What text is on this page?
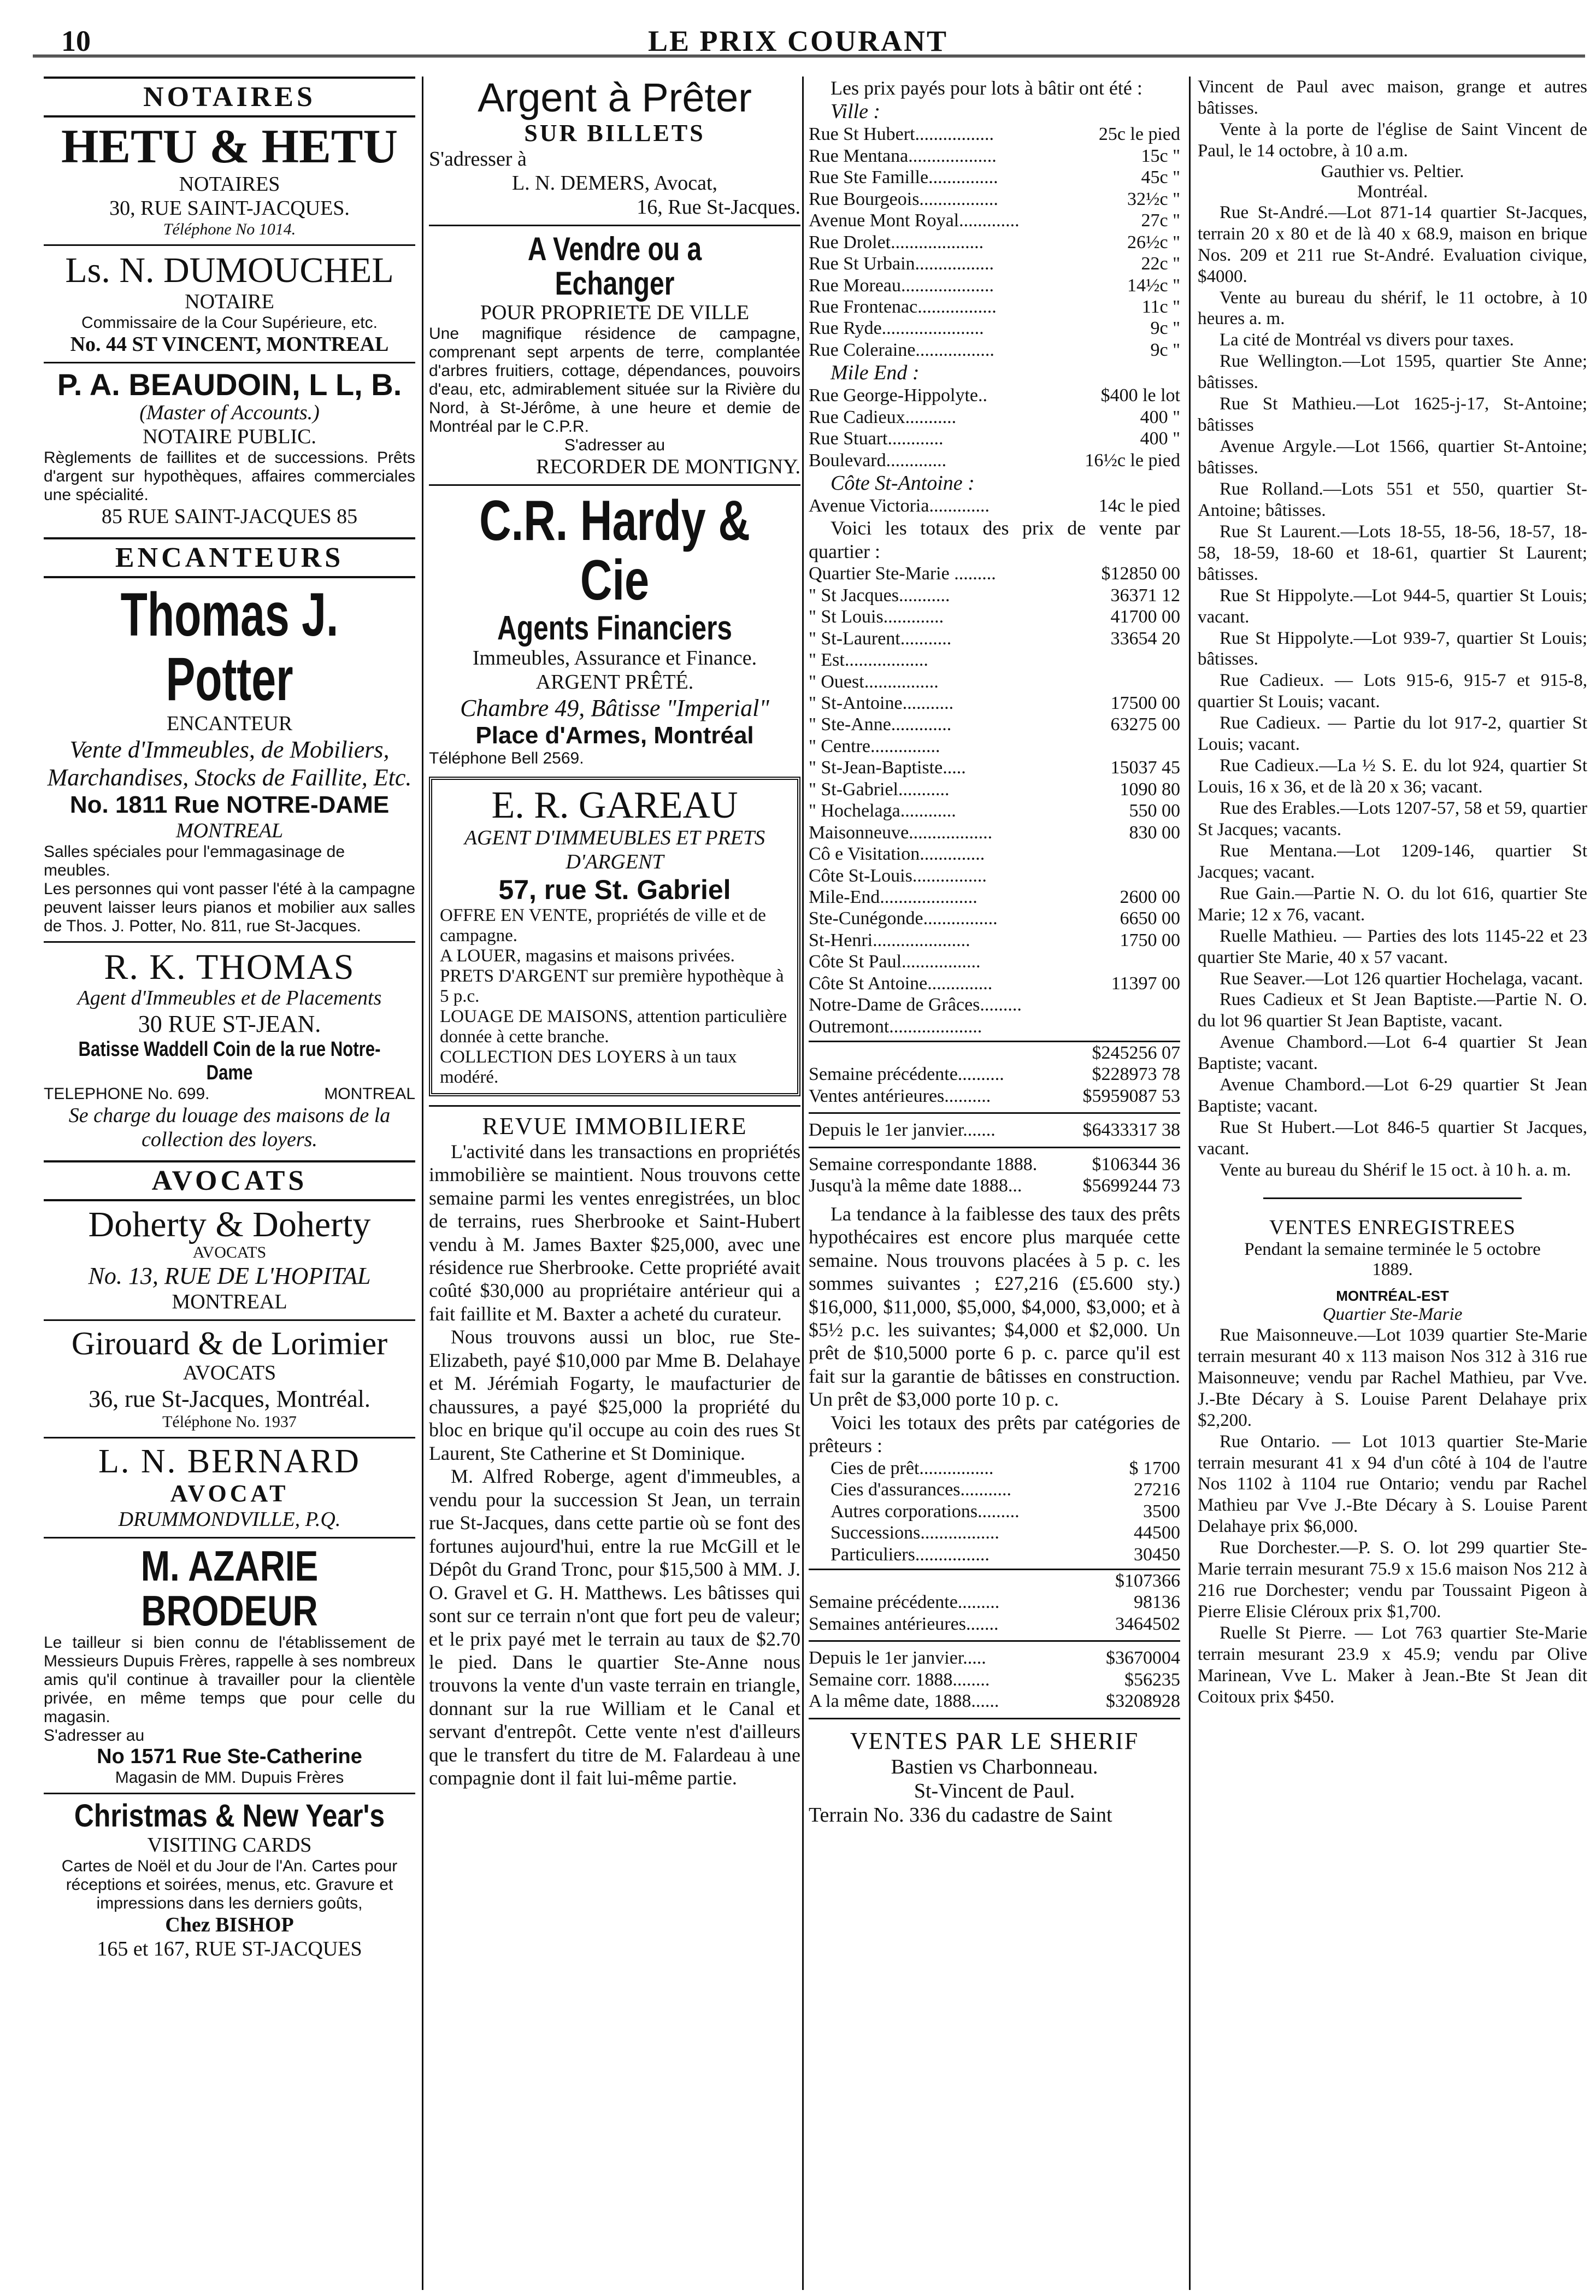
10	LE PRIX COURANT
NOTAIRES
HETU & HETU

NOTAIRES

30, RUE SAINT-JACQUES.

Téléphone No 1014.

Ls. N. DUMOUCHEL

NOTAIRE

Commissaire de la Cour Supérieure, etc.

No. 44 ST VINCENT, MONTREAL

P. A. BEAUDOIN, L L, B.

(Master of Accounts.)

NOTAIRE PUBLIC.

Règlements de faillites et de successions. Prêts d'argent sur hypothèques, affaires commerciales une spécialité.

85 RUE SAINT-JACQUES 85

ENCANTEURS
Thomas J. Potter

ENCANTEUR

Vente d'Immeubles, de Mobiliers, Marchandises, Stocks de Faillite, Etc.

No. 1811 Rue NOTRE-DAME

MONTREAL

Salles spéciales pour l'emmagasinage de meubles.

Les personnes qui vont passer l'été à la campagne peuvent laisser leurs pianos et mobilier aux salles de Thos. J. Potter, No. 811, rue St-Jacques.

R. K. THOMAS

Agent d'Immeubles et de Placements

30 RUE ST-JEAN.

Batisse Waddell Coin de la rue Notre-Dame

TELEPHONE No. 699.	MONTREAL

Se charge du louage des maisons de la collection des loyers.

AVOCATS
Doherty & Doherty

AVOCATS

No. 13, RUE DE L'HOPITAL

MONTREAL

Girouard & de Lorimier

AVOCATS

36, rue St-Jacques, Montréal.

Téléphone No. 1937

L. N. BERNARD

AVOCAT

DRUMMONDVILLE, P.Q.

M. AZARIE BRODEUR

Le tailleur si bien connu de l'établissement de Messieurs Dupuis Frères, rappelle à ses nombreux amis qu'il continue à travailler pour la clientèle privée, en même temps que pour celle du magasin.

S'adresser au

No 1571 Rue Ste-Catherine

Magasin de MM. Dupuis Frères

Christmas & New Year's

VISITING CARDS

Cartes de Noël et du Jour de l'An. Cartes pour réceptions et soirées, menus, etc. Gravure et impressions dans les derniers goûts,

Chez BISHOP

165 et 167, RUE ST-JACQUES

Argent à Prêter

SUR BILLETS

S'adresser à

L. N. DEMERS, Avocat,

16, Rue St-Jacques.

A Vendre ou a Echanger

POUR PROPRIETE DE VILLE

Une magnifique résidence de campagne, comprenant sept arpents de terre, complantée d'arbres fruitiers, cottage, dépendances, pouvoirs d'eau, etc, admirablement située sur la Rivière du Nord, à St-Jérôme, à une heure et demie de Montréal par le C.P.R.

S'adresser au

RECORDER DE MONTIGNY.

C.R. Hardy & Cie
Agents Financiers

Immeubles, Assurance et Finance.

ARGENT PRÊTÉ.

Chambre 49, Bâtisse "Imperial"

Place d'Armes, Montréal

Téléphone Bell 2569.

E. R. GAREAU

AGENT D'IMMEUBLES ET PRETS D'ARGENT

57, rue St. Gabriel

OFFRE EN VENTE, propriétés de ville et de campagne.

A LOUER, magasins et maisons privées.

PRETS D'ARGENT sur première hypothèque à 5 p.c.

LOUAGE DE MAISONS, attention particulière donnée à cette branche.

COLLECTION DES LOYERS à un taux modéré.

REVUE IMMOBILIERE

L'activité dans les transactions en propriétés immobilière se maintient. Nous trouvons cette semaine parmi les ventes enregistrées, un bloc de terrains, rues Sherbrooke et Saint-Hubert vendu à M. James Baxter $25,000, avec une résidence rue Sherbrooke. Cette propriété avait coûté $30,000 au propriétaire antérieur qui a fait faillite et M. Baxter a acheté du curateur.

Nous trouvons aussi un bloc, rue Ste-Elizabeth, payé $10,000 par Mme B. Delahaye et M. Jérémiah Fogarty, le maufacturier de chaussures, a payé $25,000 la propriété du bloc en brique qu'il occupe au coin des rues St Laurent, Ste Catherine et St Dominique.

M. Alfred Roberge, agent d'immeubles, a vendu pour la succession St Jean, un terrain rue St-Jacques, dans cette partie où se font des fortunes aujourd'hui, entre la rue McGill et le Dépôt du Grand Tronc, pour $15,500 à MM. J. O. Gravel et G. H. Matthews. Les bâtisses qui sont sur ce terrain n'ont que fort peu de valeur; et le prix payé met le terrain au taux de $2.70 le pied. Dans le quartier Ste-Anne nous trouvons la vente d'un vaste terrain en triangle, donnant sur la rue William et le Canal et servant d'entrepôt. Cette vente n'est d'ailleurs que le transfert du titre de M. Falardeau à une compagnie dont il fait lui-même partie.

Les prix payés pour lots à bâtir ont été :

Ville :

Rue St Hubert.................	25c le pied
Rue Mentana...................	15c "
Rue Ste Famille...............	45c "
Rue Bourgeois.................	32½c "
Avenue Mont Royal.............	27c "
Rue Drolet....................	26½c "
Rue St Urbain.................	22c "
Rue Moreau....................	14½c "
Rue Frontenac.................	11c "
Rue Ryde......................	9c "
Rue Coleraine.................	9c "

Mile End :

Rue George-Hippolyte..	$400 le lot
Rue Cadieux...........	400 "
Rue Stuart............	400 "
Boulevard.............	16½c le pied

Côte St-Antoine :

Avenue Victoria.............	14c le pied

Voici les totaux des prix de vente par quartier :

Quartier Ste-Marie .........	$12850 00
" St Jacques...........	36371 12
" St Louis.............	41700 00
" St-Laurent...........	33654 20
" Est..................
" Ouest................
" St-Antoine...........	17500 00
" Ste-Anne.............	63275 00
" Centre...............
" St-Jean-Baptiste.....	15037 45
" St-Gabriel...........	1090 80
" Hochelaga............	550 00
Maisonneuve..................	830 00
Cô e Visitation..............
Côte St-Louis................
Mile-End.....................	2600 00
Ste-Cunégonde................	6650 00
St-Henri.....................	1750 00
Côte St Paul.................
Côte St Antoine..............	11397 00
Notre-Dame de Grâces.........
Outremont....................
$245256 07
Semaine précédente..........	$228973 78
Ventes antérieures..........	$5959087 53
Depuis le 1er janvier.......	$6433317 38
Semaine correspondante 1888.	$106344 36
Jusqu'à la même date 1888...	$5699244 73

La tendance à la faiblesse des taux des prêts hypothécaires est encore plus marquée cette semaine. Nous trouvons placées à 5 p. c. les sommes suivantes ; £27,216 (£5.600 sty.) $16,000, $11,000, $5,000, $4,000, $3,000; et à $5½ p.c. les suivantes; $4,000 et $2,000. Un prêt de $10,5000 porte 6 p. c. parce qu'il est fait sur la garantie de bâtisses en construction. Un prêt de $3,000 porte 10 p. c.

Voici les totaux des prêts par catégories de prêteurs :

Cies de prêt................	$ 1700
Cies d'assurances...........	27216
Autres corporations.........	3500
Successions.................	44500
Particuliers................	30450
$107366
Semaine précédente.........	98136
Semaines antérieures.......	3464502
Depuis le 1er janvier.....	$3670004
Semaine corr. 1888........	$56235
A la même date, 1888......	$3208928

VENTES PAR LE SHERIF

Bastien vs Charbonneau.

St-Vincent de Paul.

Terrain No. 336 du cadastre de Saint

Vincent de Paul avec maison, grange et autres bâtisses.

Vente à la porte de l'église de Saint Vincent de Paul, le 14 octobre, à 10 a.m.

Gauthier vs. Peltier.

Montréal.

Rue St-André.—Lot 871-14 quartier St-Jacques, terrain 20 x 80 et de là 40 x 68.9, maison en brique Nos. 209 et 211 rue St-André. Evaluation civique, $4000.

Vente au bureau du shérif, le 11 octobre, à 10 heures a. m.

La cité de Montréal vs divers pour taxes.

Rue Wellington.—Lot 1595, quartier Ste Anne; bâtisses.

Rue St Mathieu.—Lot 1625-j-17, St-Antoine; bâtisses

Avenue Argyle.—Lot 1566, quartier St-Antoine; bâtisses.

Rue Rolland.—Lots 551 et 550, quartier St-Antoine; bâtisses.

Rue St Laurent.—Lots 18-55, 18-56, 18-57, 18-58, 18-59, 18-60 et 18-61, quartier St Laurent; bâtisses.

Rue St Hippolyte.—Lot 944-5, quartier St Louis; vacant.

Rue St Hippolyte.—Lot 939-7, quartier St Louis; bâtisses.

Rue Cadieux. — Lots 915-6, 915-7 et 915-8, quartier St Louis; vacant.

Rue Cadieux. — Partie du lot 917-2, quartier St Louis; vacant.

Rue Cadieux.—La ½ S. E. du lot 924, quartier St Louis, 16 x 36, et de là 20 x 36; vacant.

Rue des Erables.—Lots 1207-57, 58 et 59, quartier St Jacques; vacants.

Rue Mentana.—Lot 1209-146, quartier St Jacques; vacant.

Rue Gain.—Partie N. O. du lot 616, quartier Ste Marie; 12 x 76, vacant.

Ruelle Mathieu. — Parties des lots 1145-22 et 23 quartier Ste Marie, 40 x 57 vacant.

Rue Seaver.—Lot 126 quartier Hochelaga, vacant.

Rues Cadieux et St Jean Baptiste.—Partie N. O. du lot 96 quartier St Jean Baptiste, vacant.

Avenue Chambord.—Lot 6-4 quartier St Jean Baptiste; vacant.

Avenue Chambord.—Lot 6-29 quartier St Jean Baptiste; vacant.

Rue St Hubert.—Lot 846-5 quartier St Jacques, vacant.

Vente au bureau du Shérif le 15 oct. à 10 h. a. m.

VENTES ENREGISTREES

Pendant la semaine terminée le 5 octobre 1889.

MONTRÉAL-EST

Quartier Ste-Marie

Rue Maisonneuve.—Lot 1039 quartier Ste-Marie terrain mesurant 40 x 113 maison Nos 312 à 316 rue Maisonneuve; vendu par Rachel Mathieu, par Vve. J.-Bte Décary à S. Louise Parent Delahaye prix $2,200.

Rue Ontario. — Lot 1013 quartier Ste-Marie terrain mesurant 41 x 94 d'un côté à 104 de l'autre Nos 1102 à 1104 rue Ontario; vendu par Rachel Mathieu par Vve J.-Bte Décary à S. Louise Parent Delahaye prix $6,000.

Rue Dorchester.—P. S. O. lot 299 quartier Ste-Marie terrain mesurant 75.9 x 15.6 maison Nos 212 à 216 rue Dorchester; vendu par Toussaint Pigeon à Pierre Elisie Cléroux prix $1,700.

Ruelle St Pierre. — Lot 763 quartier Ste-Marie terrain mesurant 23.9 x 45.9; vendu par Olive Marinean, Vve L. Maker à Jean.-Bte St Jean dit Coitoux prix $450.
